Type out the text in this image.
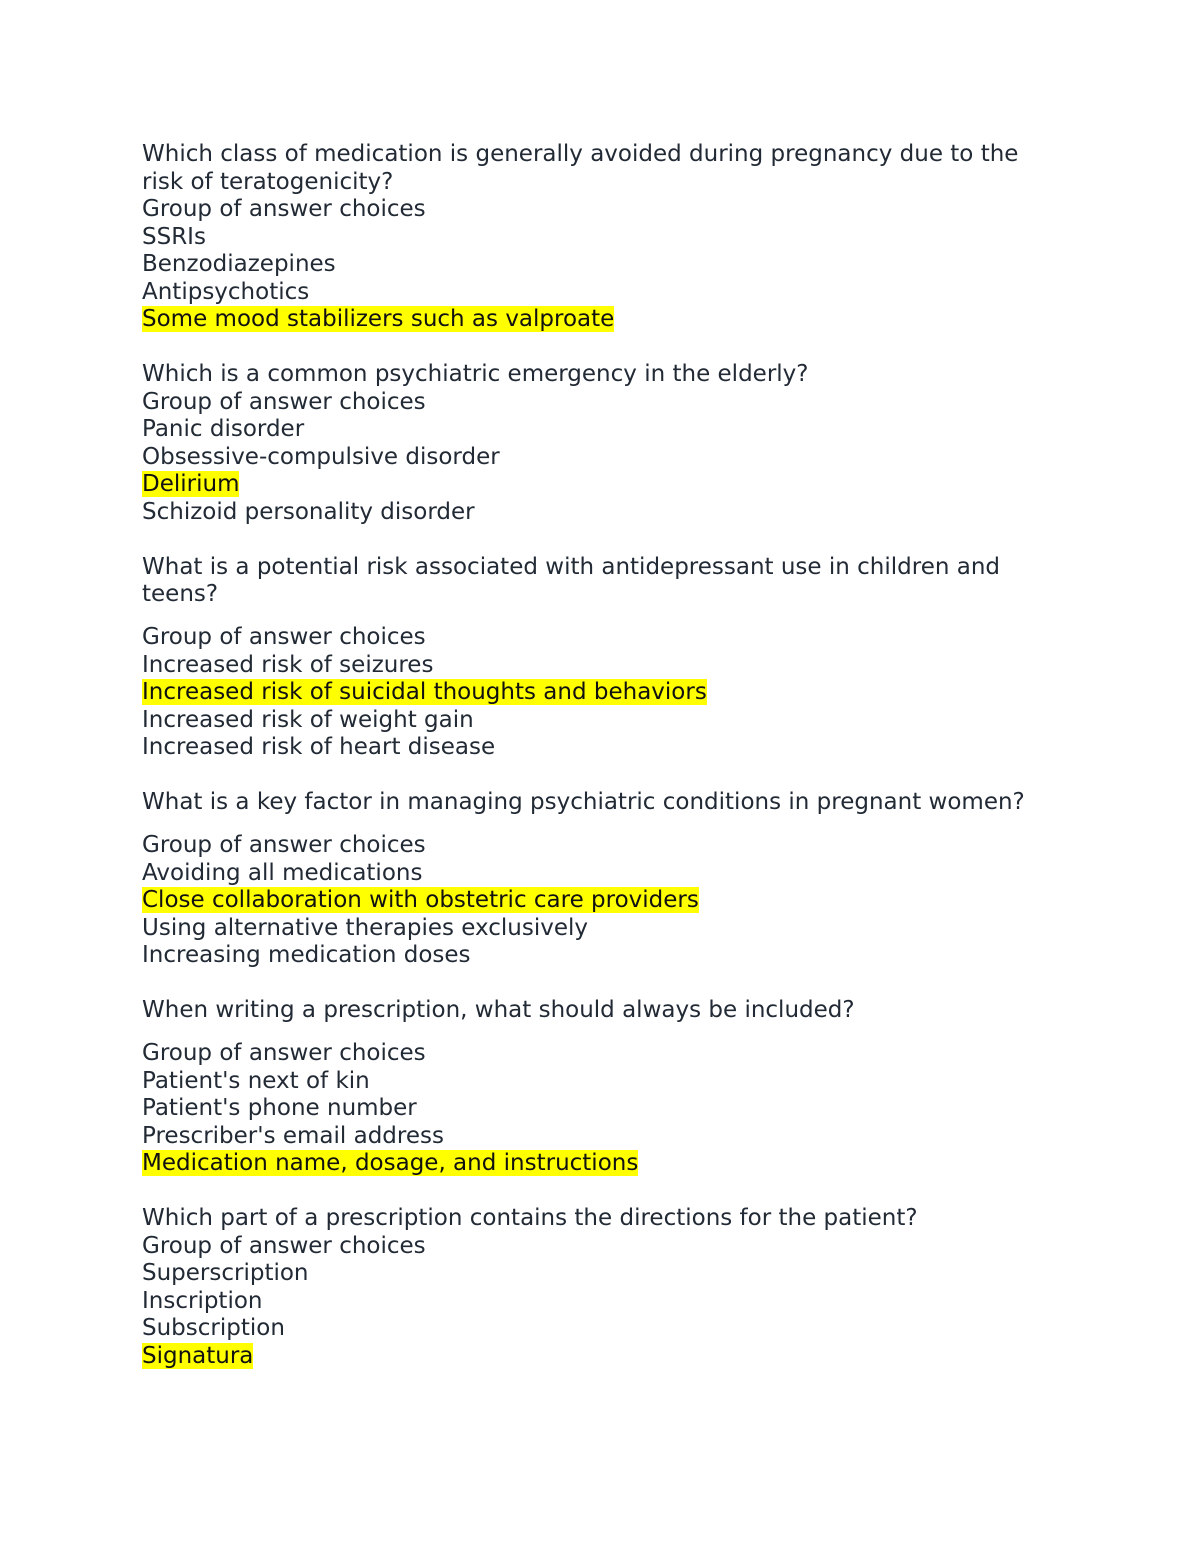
Which class of medication is generally avoided during pregnancy due to the risk of teratogenicity?

Group of answer choices

SSRIs

Benzodiazepines

Antipsychotics

Some mood stabilizers such as valproate

Which is a common psychiatric emergency in the elderly?

Group of answer choices

Panic disorder

Obsessive-compulsive disorder

Delirium

Schizoid personality disorder

What is a potential risk associated with antidepressant use in children and teens?

Group of answer choices

Increased risk of seizures

Increased risk of suicidal thoughts and behaviors

Increased risk of weight gain

Increased risk of heart disease

What is a key factor in managing psychiatric conditions in pregnant women?

Group of answer choices

Avoiding all medications

Close collaboration with obstetric care providers

Using alternative therapies exclusively

Increasing medication doses

When writing a prescription, what should always be included?

Group of answer choices

Patient's next of kin

Patient's phone number

Prescriber's email address

Medication name, dosage, and instructions

Which part of a prescription contains the directions for the patient?

Group of answer choices

Superscription

Inscription

Subscription

Signatura
